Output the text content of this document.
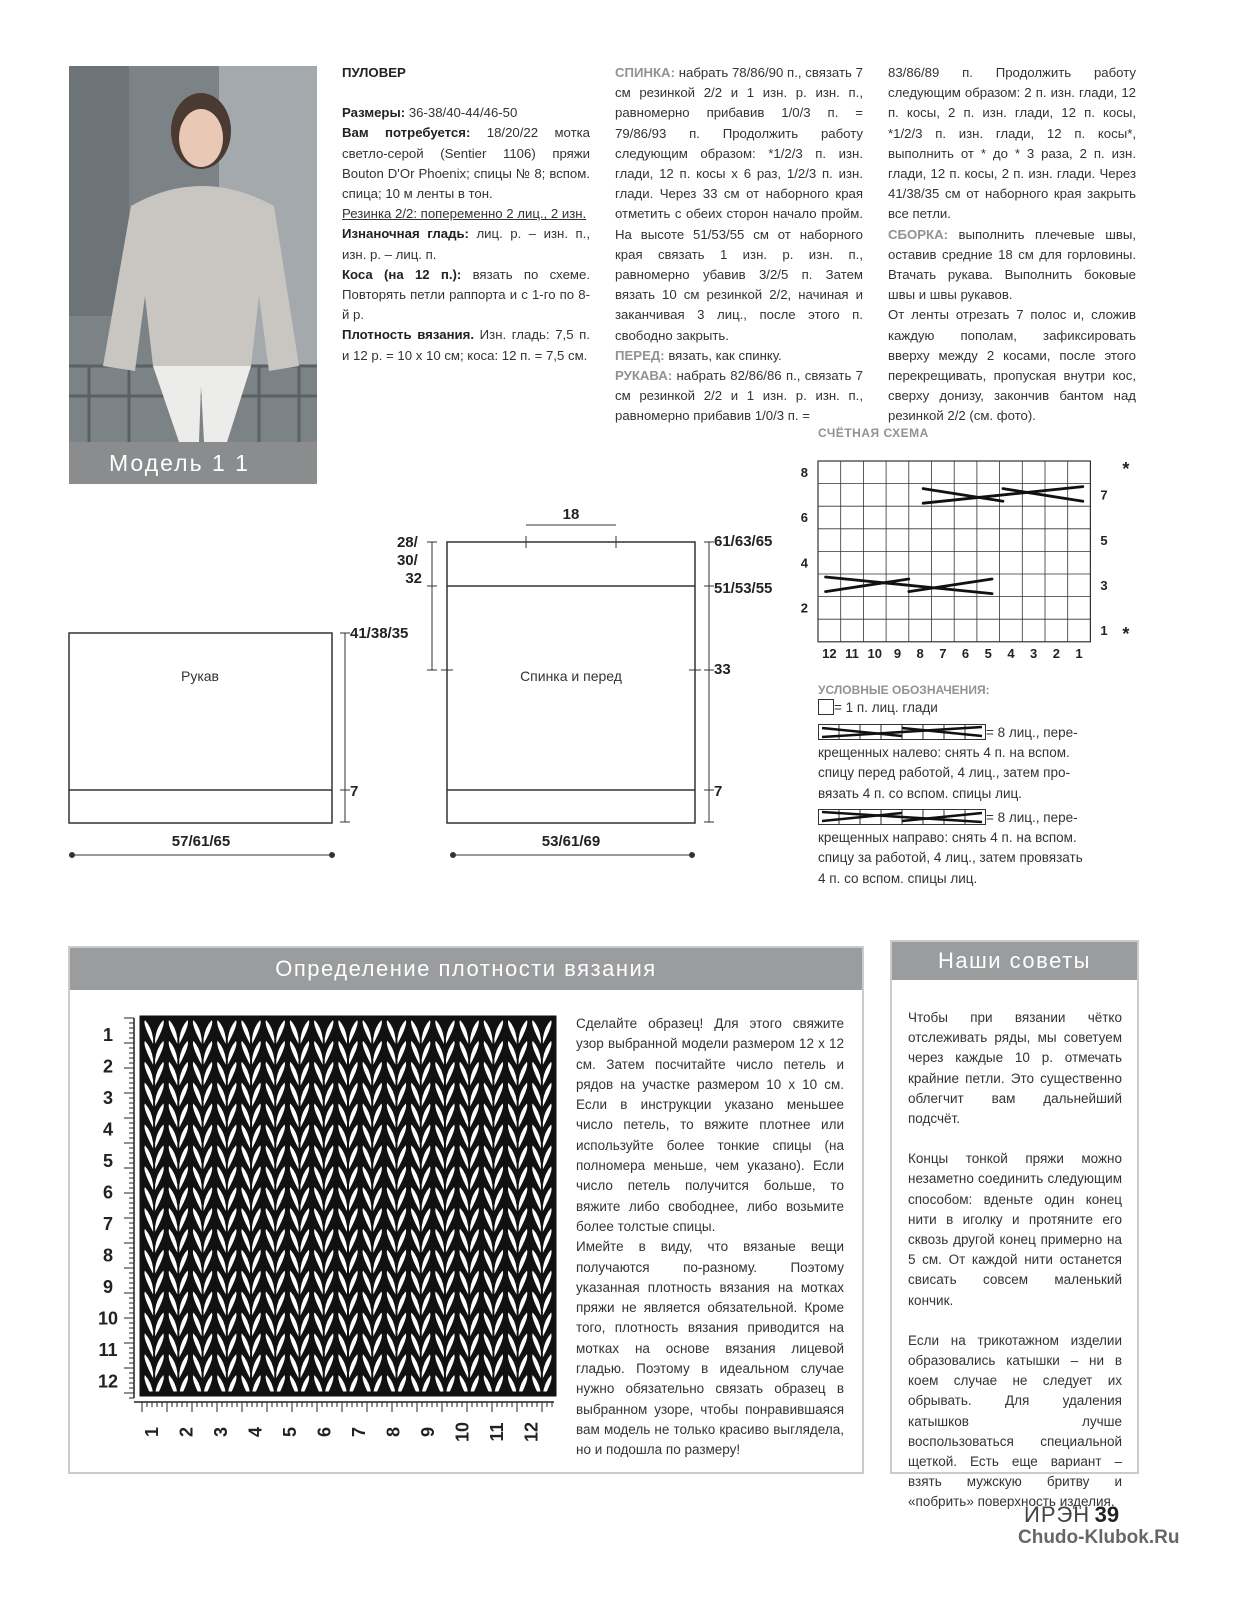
Модель 1 1

ПУЛОВЕР

Размеры: 36-38/40-44/46-50

Вам потребуется: 18/20/22 мотка светло-серой (Sentier 1106) пряжи Bouton D'Or Phoenix; спицы № 8; вспом. спица; 10 м ленты в тон.

Резинка 2/2: попеременно 2 лиц., 2 изн.

Изнаночная гладь: лиц. р. – изн. п., изн. р. – лиц. п.

Коса (на 12 п.): вязать по схеме. Повторять петли раппорта и с 1-го по 8-й р.

Плотность вязания. Изн. гладь: 7,5 п. и 12 р. = 10 х 10 см; коса: 12 п. = 7,5 см.

СПИНКА: набрать 78/86/90 п., связать 7 см резинкой 2/2 и 1 изн. р. изн. п., равномерно прибавив 1/0/3 п. = 79/86/93 п. Продолжить работу следующим образом: *1/2/3 п. изн. глади, 12 п. косы х 6 раз, 1/2/3 п. изн. глади. Через 33 см от наборного края отметить с обеих сторон начало пройм. На высоте 51/53/55 см от наборного края связать 1 изн. р. изн. п., равномерно убавив 3/2/5 п. Затем вязать 10 см резинкой 2/2, начиная и заканчивая 3 лиц., после этого п. свободно закрыть.

ПЕРЕД: вязать, как спинку.

РУКАВА: набрать 82/86/86 п., связать 7 см резинкой 2/2 и 1 изн. р. изн. п., равномерно прибавив 1/0/3 п. =

83/86/89 п. Продолжить работу следующим образом: 2 п. изн. глади, 12 п. косы, 2 п. изн. глади, 12 п. косы, *1/2/3 п. изн. глади, 12 п. косы*, выполнить от * до * 3 раза, 2 п. изн. глади, 12 п. косы, 2 п. изн. глади. Через 41/38/35 см от наборного края закрыть все петли.

СБОРКА: выполнить плечевые швы, оставив средние 18 см для горловины. Втачать рукава. Выполнить боковые швы и швы рукавов.

От ленты отрезать 7 полос и, сложив каждую пополам, зафиксировать вверху между 2 косами, после этого перекрещивать, пропуская внутри кос, сверху донизу, закончив бантом над резинкой 2/2 (см. фото).

СЧЁТНАЯ СХЕМА
8
6
4
2
7
5
3
1
12 11 10 9 8 7 6 5 4 3 2 1
*
*
УСЛОВНЫЕ ОБОЗНАЧЕНИЯ:
= 1 п. лиц. глади
= 8 лиц., пере-
крещенных налево: снять 4 п. на вспом.
спицу перед работой, 4 лиц., затем про-
вязать 4 п. со вспом. спицы лиц.
= 8 лиц., пере-
крещенных направо: снять 4 п. на вспом.
спицу за работой, 4 лиц., затем провязать
4 п. со вспом. спицы лиц.
Рукав	Спинка и перед
41/38/35
7
57/61/65
18
61/63/65
51/53/55
33
7
53/61/69
28/ 30/ 32
Определение плотности вязания
1
2
3
4
5
6
7
8
9
10
11
12
1 2 3 4 5 6 7 8 9 10 11 12

Сделайте образец! Для этого свяжите узор выбранной модели размером 12 х 12 см. Затем посчитайте число петель и рядов на участке размером 10 х 10 см. Если в инструкции указано меньшее число петель, то вяжите плотнее или используйте более тонкие спицы (на полномера меньше, чем указано). Если число петель получится больше, то вяжите либо свободнее, либо возьмите более толстые спицы.

Имейте в виду, что вязаные вещи получаются по-разному. Поэтому указанная плотность вязания на мотках пряжи не является обязательной. Кроме того, плотность вязания приводится на мотках на основе вязания лицевой гладью. Поэтому в идеальном случае нужно обязательно связать образец в выбранном узоре, чтобы понравившаяся вам модель не только красиво выглядела, но и подошла по размеру!

Наши советы

Чтобы при вязании чётко отслеживать ряды, мы советуем через каждые 10 р. отмечать крайние петли. Это существенно облегчит вам дальнейший подсчёт.

Концы тонкой пряжи можно незаметно соединить следующим способом: вденьте один конец нити в иголку и протяните его сквозь другой конец примерно на 5 см. От каждой нити останется свисать совсем маленький кончик.

Если на трикотажном изделии образовались катышки – ни в коем случае не следует их обрывать. Для удаления катышков лучше воспользоваться специальной щеткой. Есть еще вариант – взять мужскую бритву и «побрить» поверхность изделия.

ИРЭН 39
Chudo-Klubok.Ru
